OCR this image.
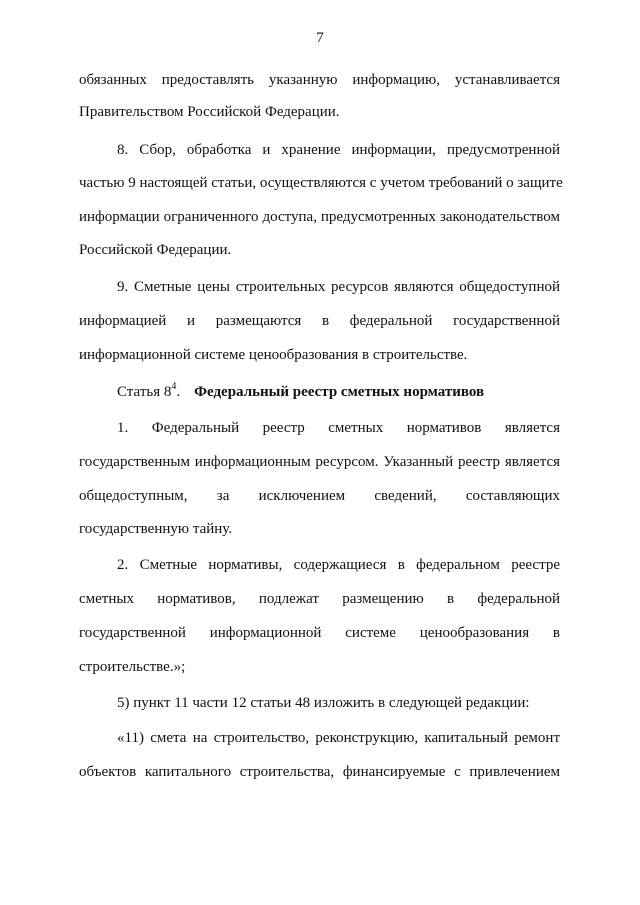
7
обязанных предоставлять указанную информацию, устанавливается
Правительством Российской Федерации.
8. Сбор, обработка и хранение информации, предусмотренной
частью 9 настоящей статьи, осуществляются с учетом требований о защите
информации ограниченного доступа, предусмотренных законодательством
Российской Федерации.
9. Сметные цены строительных ресурсов являются общедоступной
информацией и размещаются в федеральной государственной
информационной системе ценообразования в строительстве.
Статья $8^4$. Федеральный реестр сметных нормативов
1. Федеральный реестр сметных нормативов является
государственным информационным ресурсом. Указанный реестр является
общедоступным, за исключением сведений, составляющих
государственную тайну.
2. Сметные нормативы, содержащиеся в федеральном реестре
сметных нормативов, подлежат размещению в федеральной
государственной информационной системе ценообразования в
строительстве.»;
5) пункт 11 части 12 статьи 48 изложить в следующей редакции:
«11) смета на строительство, реконструкцию, капитальный ремонт
объектов капитального строительства, финансируемые с привлечением
